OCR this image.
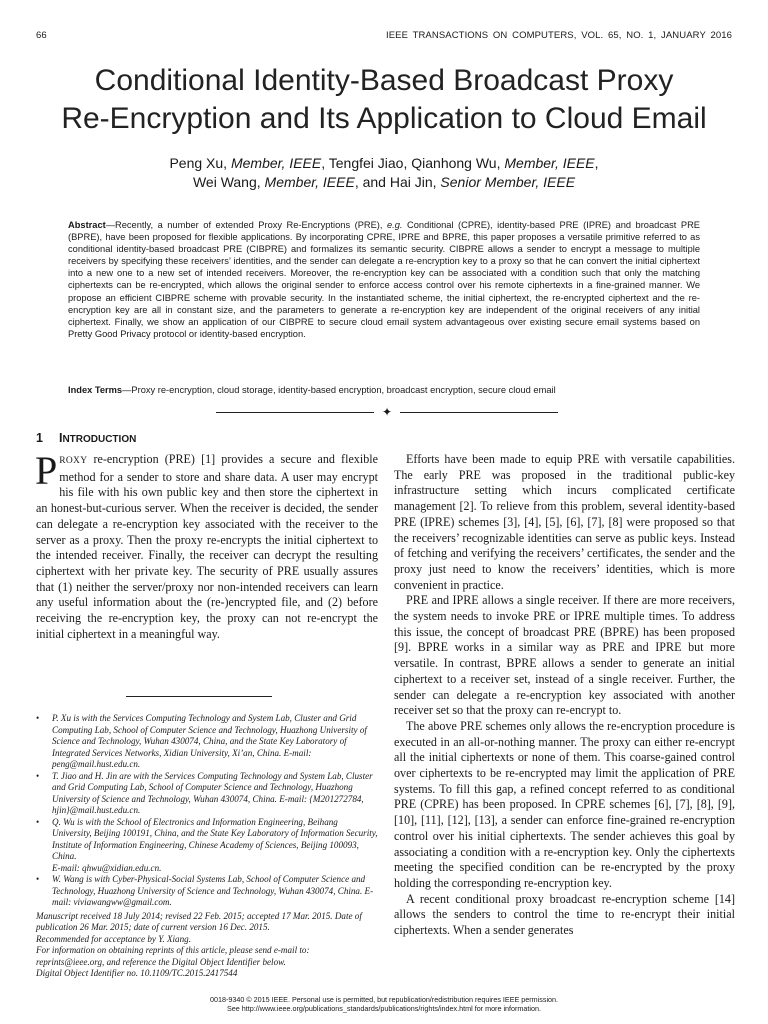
66	IEEE TRANSACTIONS ON COMPUTERS, VOL. 65, NO. 1, JANUARY 2016
Conditional Identity-Based Broadcast Proxy
Re-Encryption and Its Application to Cloud Email
Peng Xu, Member, IEEE, Tengfei Jiao, Qianhong Wu, Member, IEEE,
Wei Wang, Member, IEEE, and Hai Jin, Senior Member, IEEE
Abstract—Recently, a number of extended Proxy Re-Encryptions (PRE), e.g. Conditional (CPRE), identity-based PRE (IPRE) and broadcast PRE (BPRE), have been proposed for flexible applications. By incorporating CPRE, IPRE and BPRE, this paper proposes a versatile primitive referred to as conditional identity-based broadcast PRE (CIBPRE) and formalizes its semantic security. CIBPRE allows a sender to encrypt a message to multiple receivers by specifying these receivers’ identities, and the sender can delegate a re-encryption key to a proxy so that he can convert the initial ciphertext into a new one to a new set of intended receivers. Moreover, the re-encryption key can be associated with a condition such that only the matching ciphertexts can be re-encrypted, which allows the original sender to enforce access control over his remote ciphertexts in a fine-grained manner. We propose an efficient CIBPRE scheme with provable security. In the instantiated scheme, the initial ciphertext, the re-encrypted ciphertext and the re-encryption key are all in constant size, and the parameters to generate a re-encryption key are independent of the original receivers of any initial ciphertext. Finally, we show an application of our CIBPRE to secure cloud email system advantageous over existing secure email systems based on Pretty Good Privacy protocol or identity-based encryption.
Index Terms—Proxy re-encryption, cloud storage, identity-based encryption, broadcast encryption, secure cloud email
✦
1 INTRODUCTION

PROXY re-encryption (PRE) [1] provides a secure and flexible method for a sender to store and share data. A user may encrypt his file with his own public key and then store the ciphertext in an honest-but-curious server. When the receiver is decided, the sender can delegate a re-encryption key associated with the receiver to the server as a proxy. Then the proxy re-encrypts the initial ciphertext to the intended receiver. Finally, the receiver can decrypt the resulting ciphertext with her private key. The security of PRE usually assures that (1) neither the server/proxy nor non-intended receivers can learn any useful information about the (re-)encrypted file, and (2) before receiving the re-encryption key, the proxy can not re-encrypt the initial ciphertext in a meaningful way.

• P. Xu is with the Services Computing Technology and System Lab, Cluster and Grid Computing Lab, School of Computer Science and Technology, Huazhong University of Science and Technology, Wuhan 430074, China, and the State Key Laboratory of Integrated Services Networks, Xidian University, Xi’an, China. E-mail: peng@mail.hust.edu.cn.
• T. Jiao and H. Jin are with the Services Computing Technology and System Lab, Cluster and Grid Computing Lab, School of Computer Science and Technology, Huazhong University of Science and Technology, Wuhan 430074, China. E-mail: {M201272784, hjin}@mail.hust.edu.cn.
• Q. Wu is with the School of Electronics and Information Engineering, Beihang University, Beijing 100191, China, and the State Key Laboratory of Information Security, Institute of Information Engineering, Chinese Academy of Sciences, Beijing 100093, China.
E-mail: qhwu@xidian.edu.cn.
• W. Wang is with Cyber-Physical-Social Systems Lab, School of Computer Science and Technology, Huazhong University of Science and Technology, Wuhan 430074, China. E-mail: viviawangww@gmail.com.
Manuscript received 18 July 2014; revised 22 Feb. 2015; accepted 17 Mar. 2015. Date of publication 26 Mar. 2015; date of current version 16 Dec. 2015.
Recommended for acceptance by Y. Xiang.
For information on obtaining reprints of this article, please send e-mail to: reprints@ieee.org, and reference the Digital Object Identifier below.
Digital Object Identifier no. 10.1109/TC.2015.2417544

Efforts have been made to equip PRE with versatile capabilities. The early PRE was proposed in the traditional public-key infrastructure setting which incurs complicated certificate management [2]. To relieve from this problem, several identity-based PRE (IPRE) schemes [3], [4], [5], [6], [7], [8] were proposed so that the receivers’ recognizable identities can serve as public keys. Instead of fetching and verifying the receivers’ certificates, the sender and the proxy just need to know the receivers’ identities, which is more convenient in practice.

PRE and IPRE allows a single receiver. If there are more receivers, the system needs to invoke PRE or IPRE multiple times. To address this issue, the concept of broadcast PRE (BPRE) has been proposed [9]. BPRE works in a similar way as PRE and IPRE but more versatile. In contrast, BPRE allows a sender to generate an initial ciphertext to a receiver set, instead of a single receiver. Further, the sender can delegate a re-encryption key associated with another receiver set so that the proxy can re-encrypt to.

The above PRE schemes only allows the re-encryption procedure is executed in an all-or-nothing manner. The proxy can either re-encrypt all the initial ciphertexts or none of them. This coarse-gained control over ciphertexts to be re-encrypted may limit the application of PRE systems. To fill this gap, a refined concept referred to as conditional PRE (CPRE) has been proposed. In CPRE schemes [6], [7], [8], [9], [10], [11], [12], [13], a sender can enforce fine-grained re-encryption control over his initial ciphertexts. The sender achieves this goal by associating a condition with a re-encryption key. Only the ciphertexts meeting the specified condition can be re-encrypted by the proxy holding the corresponding re-encryption key.

A recent conditional proxy broadcast re-encryption scheme [14] allows the senders to control the time to re-encrypt their initial ciphertexts. When a sender generates

0018-9340 © 2015 IEEE. Personal use is permitted, but republication/redistribution requires IEEE permission.
See http://www.ieee.org/publications_standards/publications/rights/index.html for more information.
